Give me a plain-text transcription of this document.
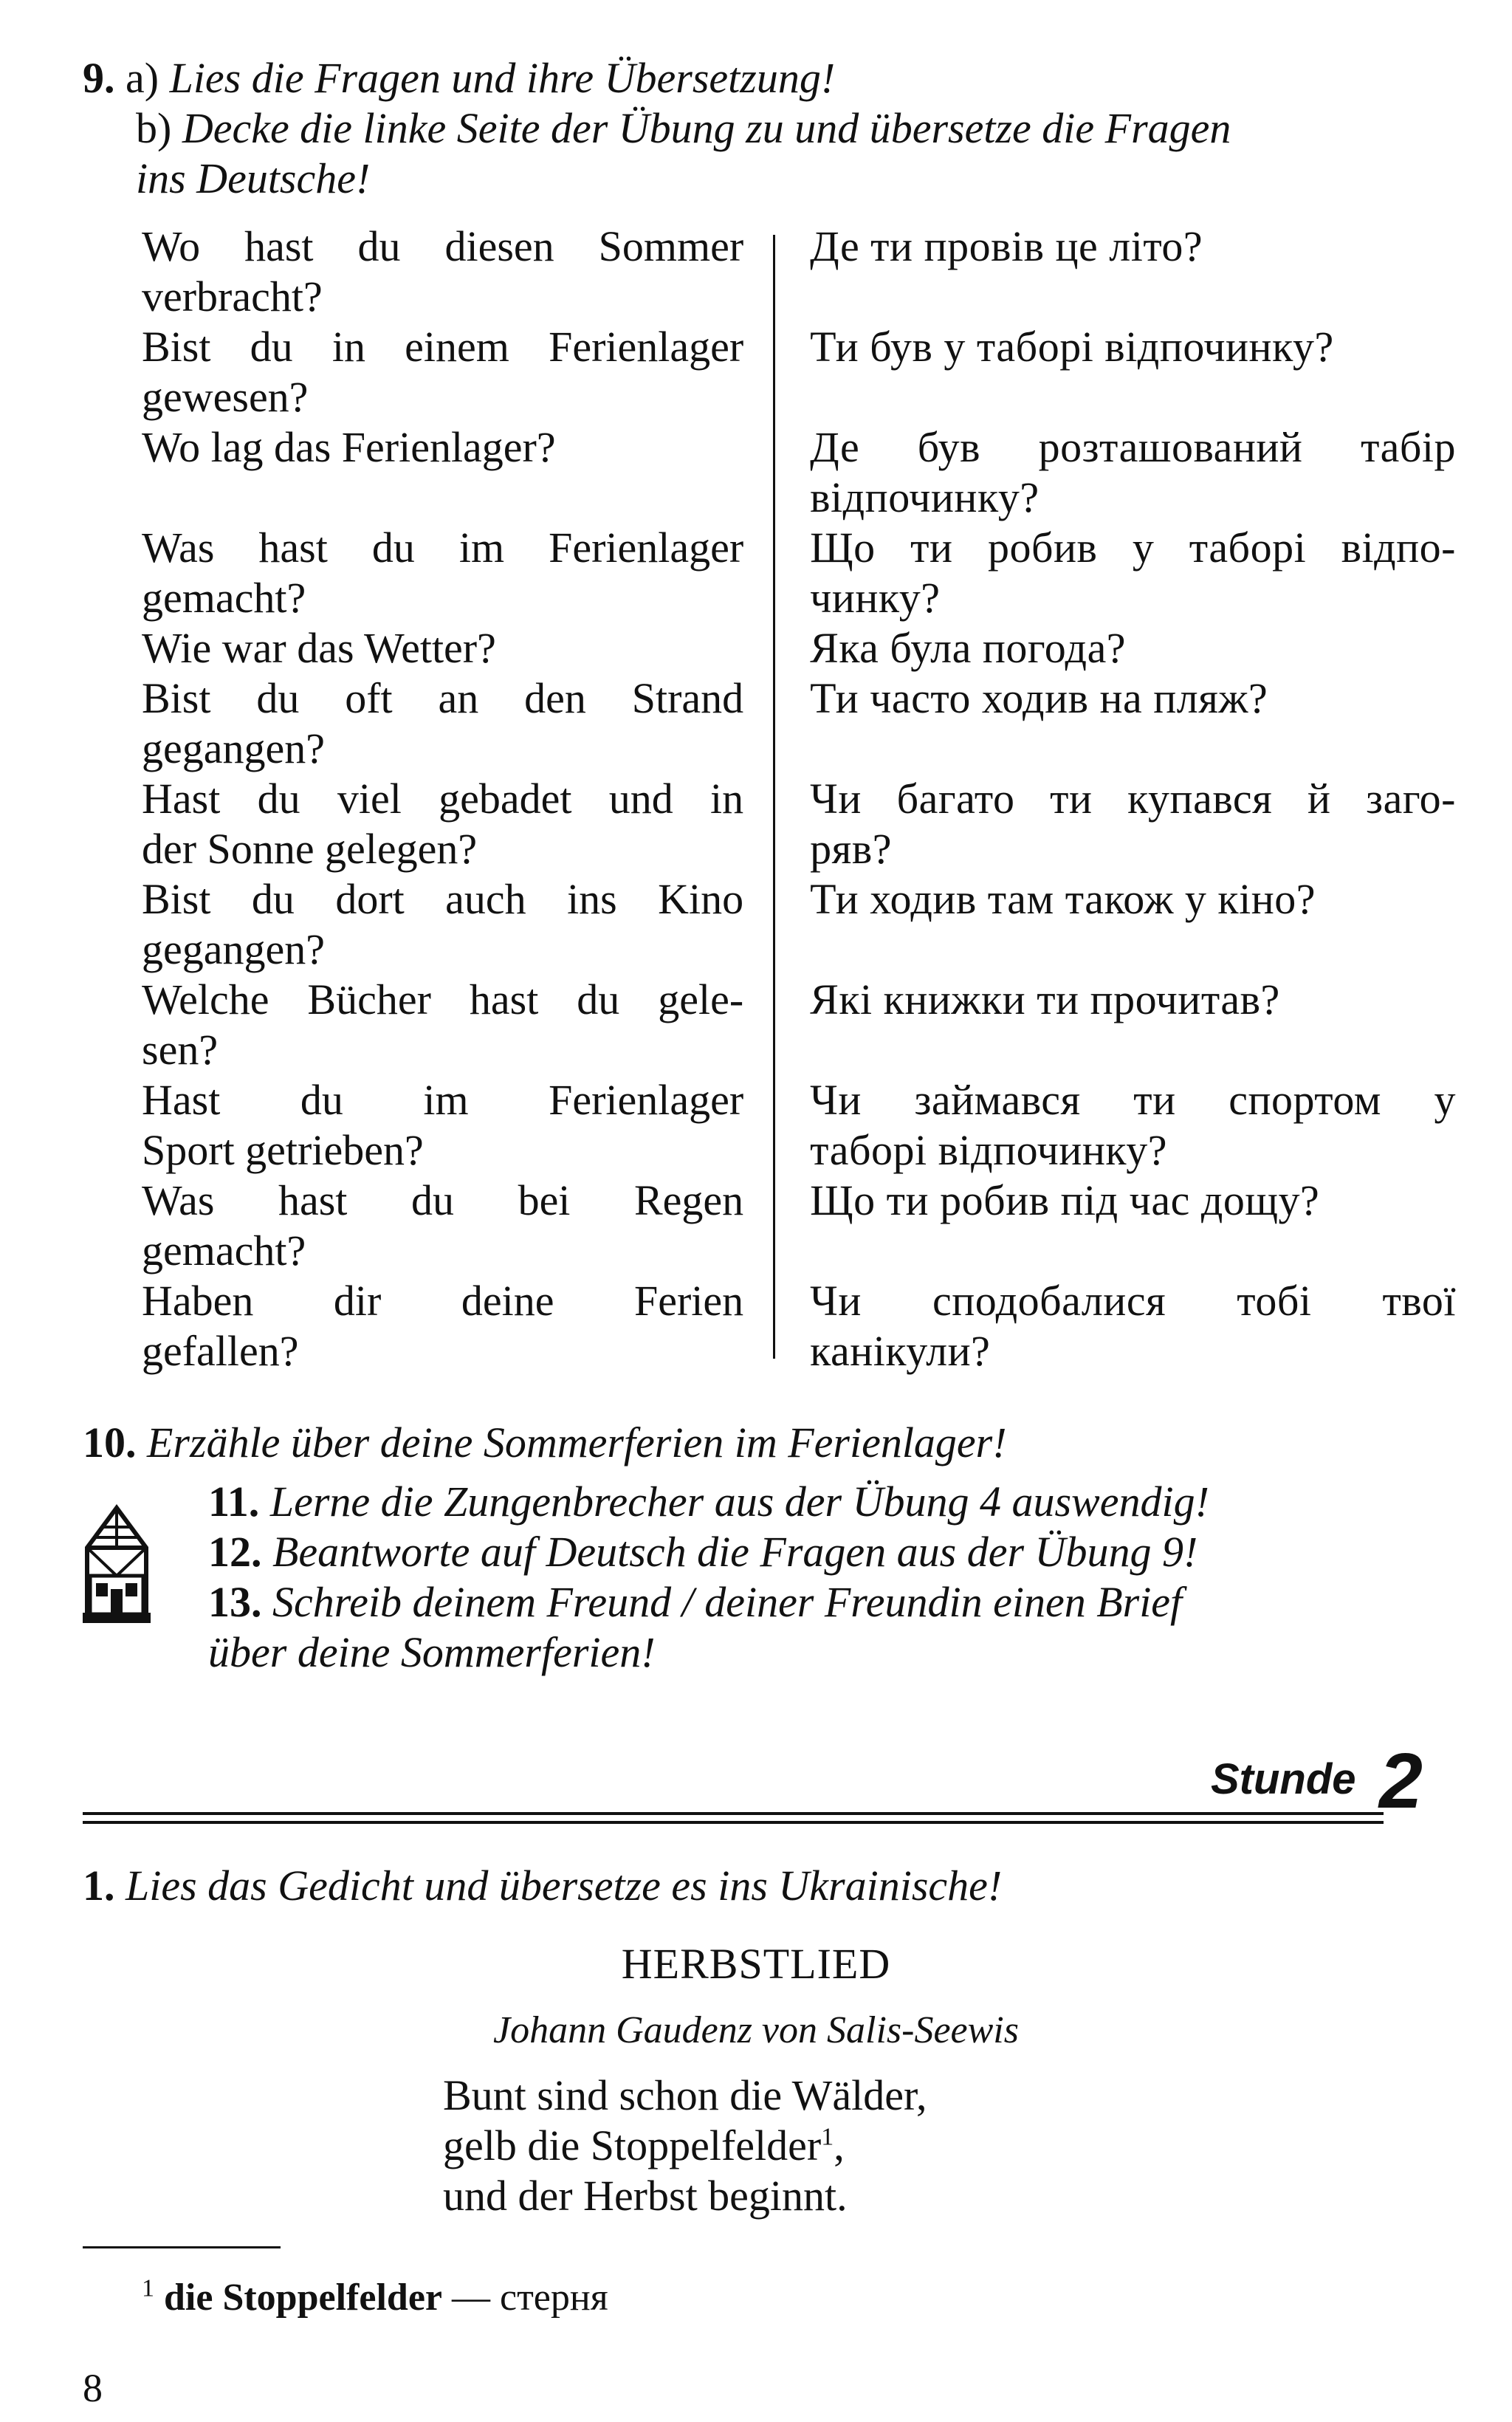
9. a) Lies die Fragen und ihre Übersetzung!
b) Decke die linke Seite der Übung zu und übersetze die Fragen
ins Deutsche!
Wo hast du diesen Sommer
verbracht?
Де ти провів це літо?

Bist du in einem Ferienlager
gewesen?
Ти був у таборі відпочинку?

Wo lag das Ferienlager?
	Де був розташований табір
відпочинку?
Was hast du im Ferienlager
gemacht?
Що ти робив у таборі відпо-
чинку?
Wie war das Wetter?	Яка була погода?
Bist du oft an den Strand
gegangen?
Ти часто ходив на пляж?

Hast du viel gebadet und in
der Sonne gelegen?
Чи багато ти купався й заго-
ряв?
Bist du dort auch ins Kino
gegangen?
Ти ходив там також у кіно?

Welche Bücher hast du gele-
sen?
Які книжки ти прочитав?

Hast du im Ferienlager
Sport getrieben?
Чи займався ти спортом у
таборі відпочинку?
Was hast du bei Regen
gemacht?
Що ти робив під час дощу?

Haben dir deine Ferien
gefallen?
Чи сподобалися тобі твої
канікули?
10. Erzähle über deine Sommerferien im Ferienlager!
11. Lerne die Zungenbrecher aus der Übung 4 auswendig!
12. Beantworte auf Deutsch die Fragen aus der Übung 9!
13. Schreib deinem Freund / deiner Freundin einen Brief
über deine Sommerferien!
Stunde 2
1. Lies das Gedicht und übersetze es ins Ukrainische!
HERBSTLIED
Johann Gaudenz von Salis-Seewis
Bunt sind schon die Wälder,
gelb die Stoppelfelder$^1$,
und der Herbst beginnt.
$^1$ die Stoppelfelder — стерня
8
